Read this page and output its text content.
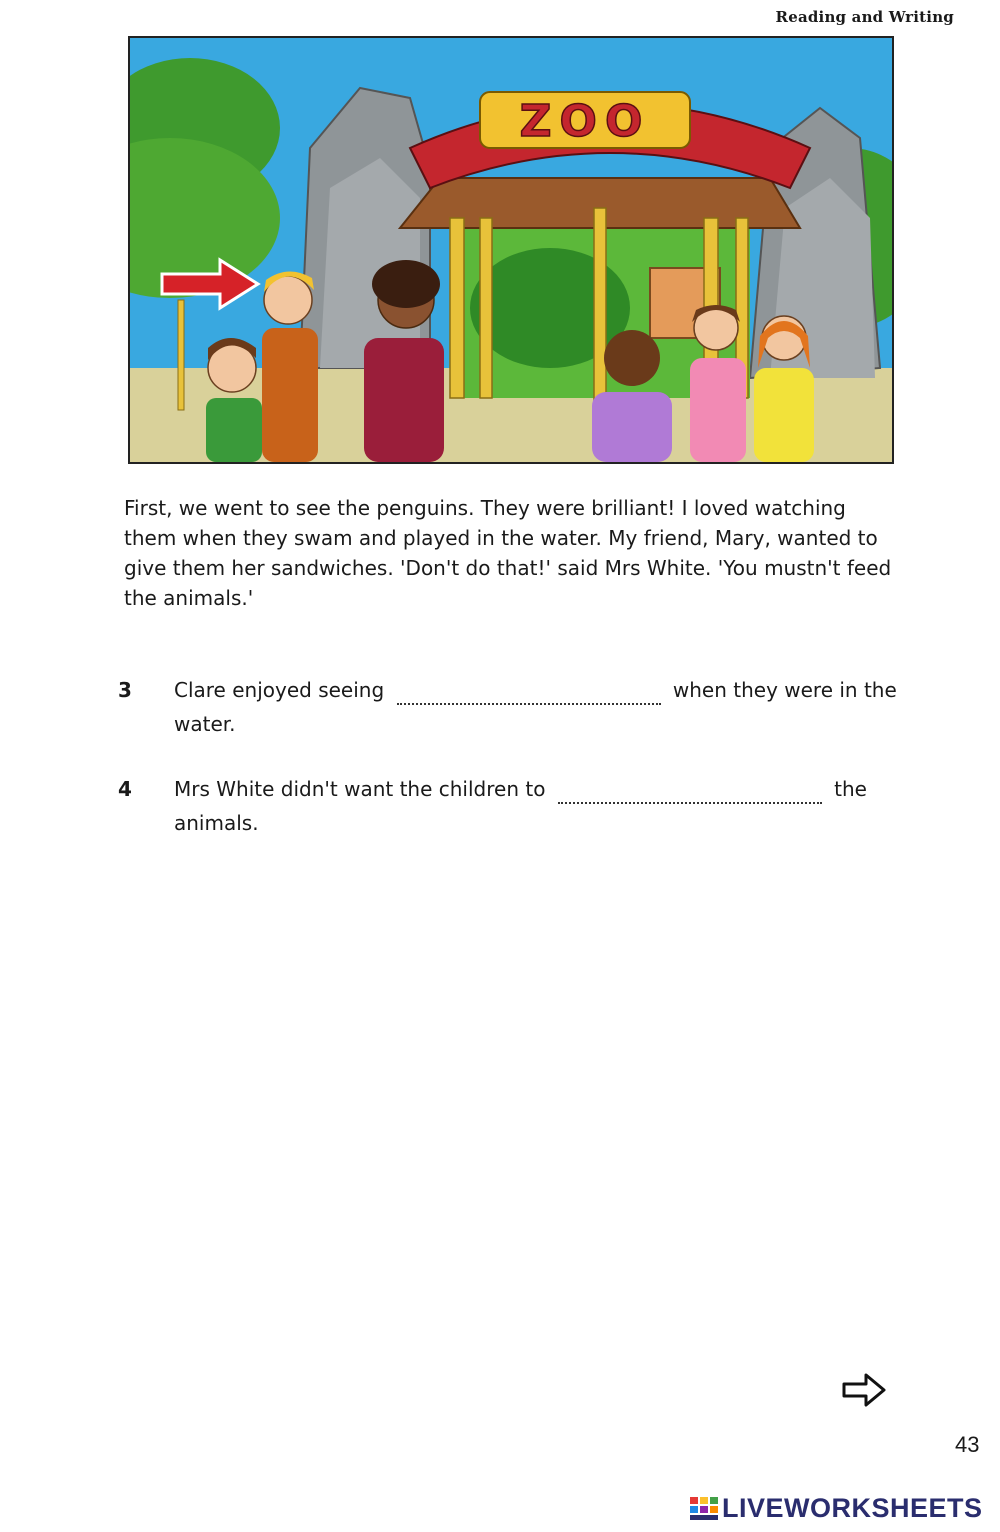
Reading and Writing
ZOO

First, we went to see the penguins. They were brilliant! I loved watching them when they swam and played in the water. My friend, Mary, wanted to give them her sandwiches. 'Don't do that!' said Mrs White. 'You mustn't feed the animals.'

3	Clare enjoyed seeing	when they were in the water.
4	Mrs White didn't want the children to	the animals.
43
LIVEWORKSHEETS
